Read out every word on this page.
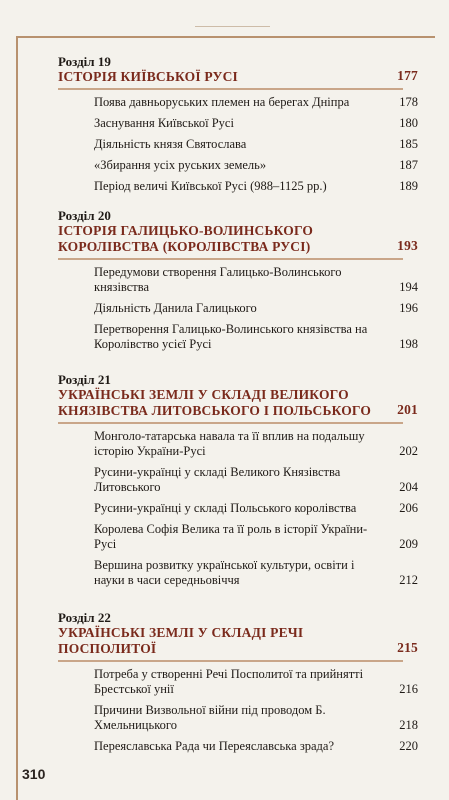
Розділ 19
ІСТОРІЯ КИЇВСЬКОЇ РУСІ	177
Поява давньоруських племен на берегах Дніпра	178
Заснування Київської Русі	180
Діяльність князя Святослава	185
«Збирання усіх руських земель»	187
Період величі Київської Русі (988–1125 рр.)	189
Розділ 20
ІСТОРІЯ ГАЛИЦЬКО-ВОЛИНСЬКОГО КОРОЛІВСТВА (КОРОЛІВСТВА РУСІ)	193
Передумови створення Галицько-Волинського князівства	194
Діяльність Данила Галицького	196
Перетворення Галицько-Волинського князівства на Королівство усієї Русі	198
Розділ 21
УКРАЇНСЬКІ ЗЕМЛІ У СКЛАДІ ВЕЛИКОГО КНЯЗІВСТВА ЛИТОВСЬКОГО І ПОЛЬСЬКОГО 201
Монголо-татарська навала та її вплив на подальшу історію України-Русі	202
Русини-українці у складі Великого Князівства Литовського	204
Русини-українці у складі Польського королівства	206
Королева Софія Велика та її роль в історії України-Русі	209
Вершина розвитку української культури, освіти і науки в часи середньовіччя	212
Розділ 22
УКРАЇНСЬКІ ЗЕМЛІ У СКЛАДІ РЕЧІ ПОСПОЛИТОЇ	215
Потреба у створенні Речі Посполитої та прийнятті Брестської унії	216
Причини Визвольної війни під проводом Б. Хмельницького	218
Переяславська Рада чи Переяславська зрада?	220
310
